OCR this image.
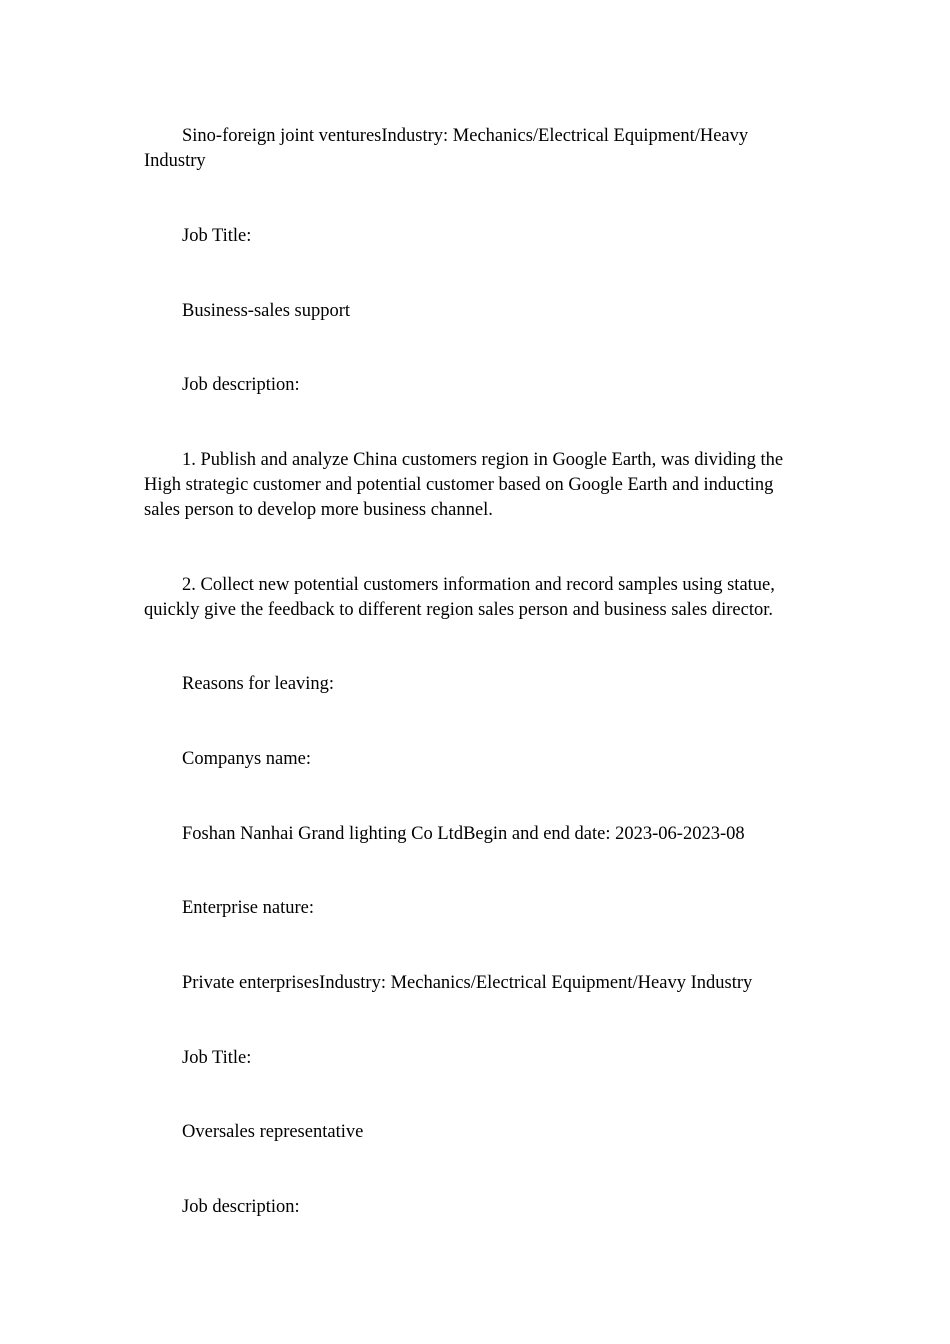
Sino-foreign joint venturesIndustry: Mechanics/Electrical Equipment/Heavy Industry

Job Title:

Business-sales support

Job description:

1. Publish and analyze China customers region in Google Earth, was dividing the High strategic customer and potential customer based on Google Earth and inducting sales person to develop more business channel.

2. Collect new potential customers information and record samples using statue, quickly give the feedback to different region sales person and business sales director.

Reasons for leaving:

Companys name:

Foshan Nanhai Grand lighting Co LtdBegin and end date: 2023-06-2023-08

Enterprise nature:

Private enterprisesIndustry: Mechanics/Electrical Equipment/Heavy Industry

Job Title:

Oversales representative

Job description:
